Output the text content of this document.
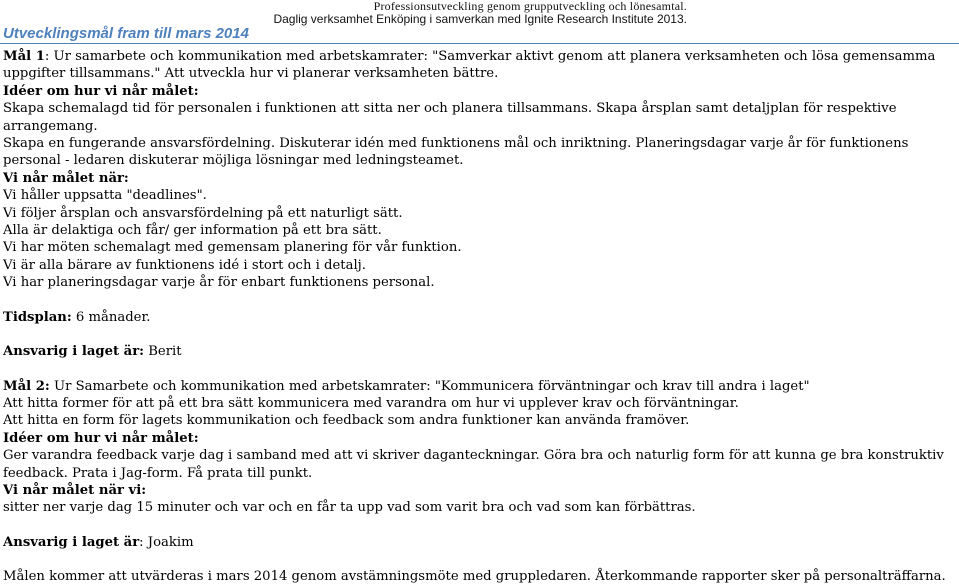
Professionsutveckling genom grupputveckling och lönesamtal.
Daglig verksamhet Enköping i samverkan med Ignite Research Institute 2013.
Utvecklingsmål fram till mars 2014

Mål 1: Ur samarbete och kommunikation med arbetskamrater: "Samverkar aktivt genom att planera verksamheten och lösa gemensamma uppgifter tillsammans." Att utveckla hur vi planerar verksamheten bättre.

Idéer om hur vi når målet:

Skapa schemalagd tid för personalen i funktionen att sitta ner och planera tillsammans. Skapa årsplan samt detaljplan för respektive arrangemang.

Skapa en fungerande ansvarsfördelning. Diskuterar idén med funktionens mål och inriktning. Planeringsdagar varje år för funktionens personal - ledaren diskuterar möjliga lösningar med ledningsteamet.

Vi når målet när:

Vi håller uppsatta "deadlines".

Vi följer årsplan och ansvarsfördelning på ett naturligt sätt.

Alla är delaktiga och får/ ger information på ett bra sätt.

Vi har möten schemalagt med gemensam planering för vår funktion.

Vi är alla bärare av funktionens idé i stort och i detalj.

Vi har planeringsdagar varje år för enbart funktionens personal.

Tidsplan: 6 månader.

Ansvarig i laget är: Berit

Mål 2: Ur Samarbete och kommunikation med arbetskamrater: "Kommunicera förväntningar och krav till andra i laget"

Att hitta former för att på ett bra sätt kommunicera med varandra om hur vi upplever krav och förväntningar.

Att hitta en form för lagets kommunikation och feedback som andra funktioner kan använda framöver.

Idéer om hur vi når målet:

Ger varandra feedback varje dag i samband med att vi skriver daganteckningar. Göra bra och naturlig form för att kunna ge bra konstruktiv feedback. Prata i Jag-form. Få prata till punkt.

Vi når målet när vi:

sitter ner varje dag 15 minuter och var och en får ta upp vad som varit bra och vad som kan förbättras.

Ansvarig i laget är: Joakim

Målen kommer att utvärderas i mars 2014 genom avstämningsmöte med gruppledaren. Återkommande rapporter sker på personalträffarna.
